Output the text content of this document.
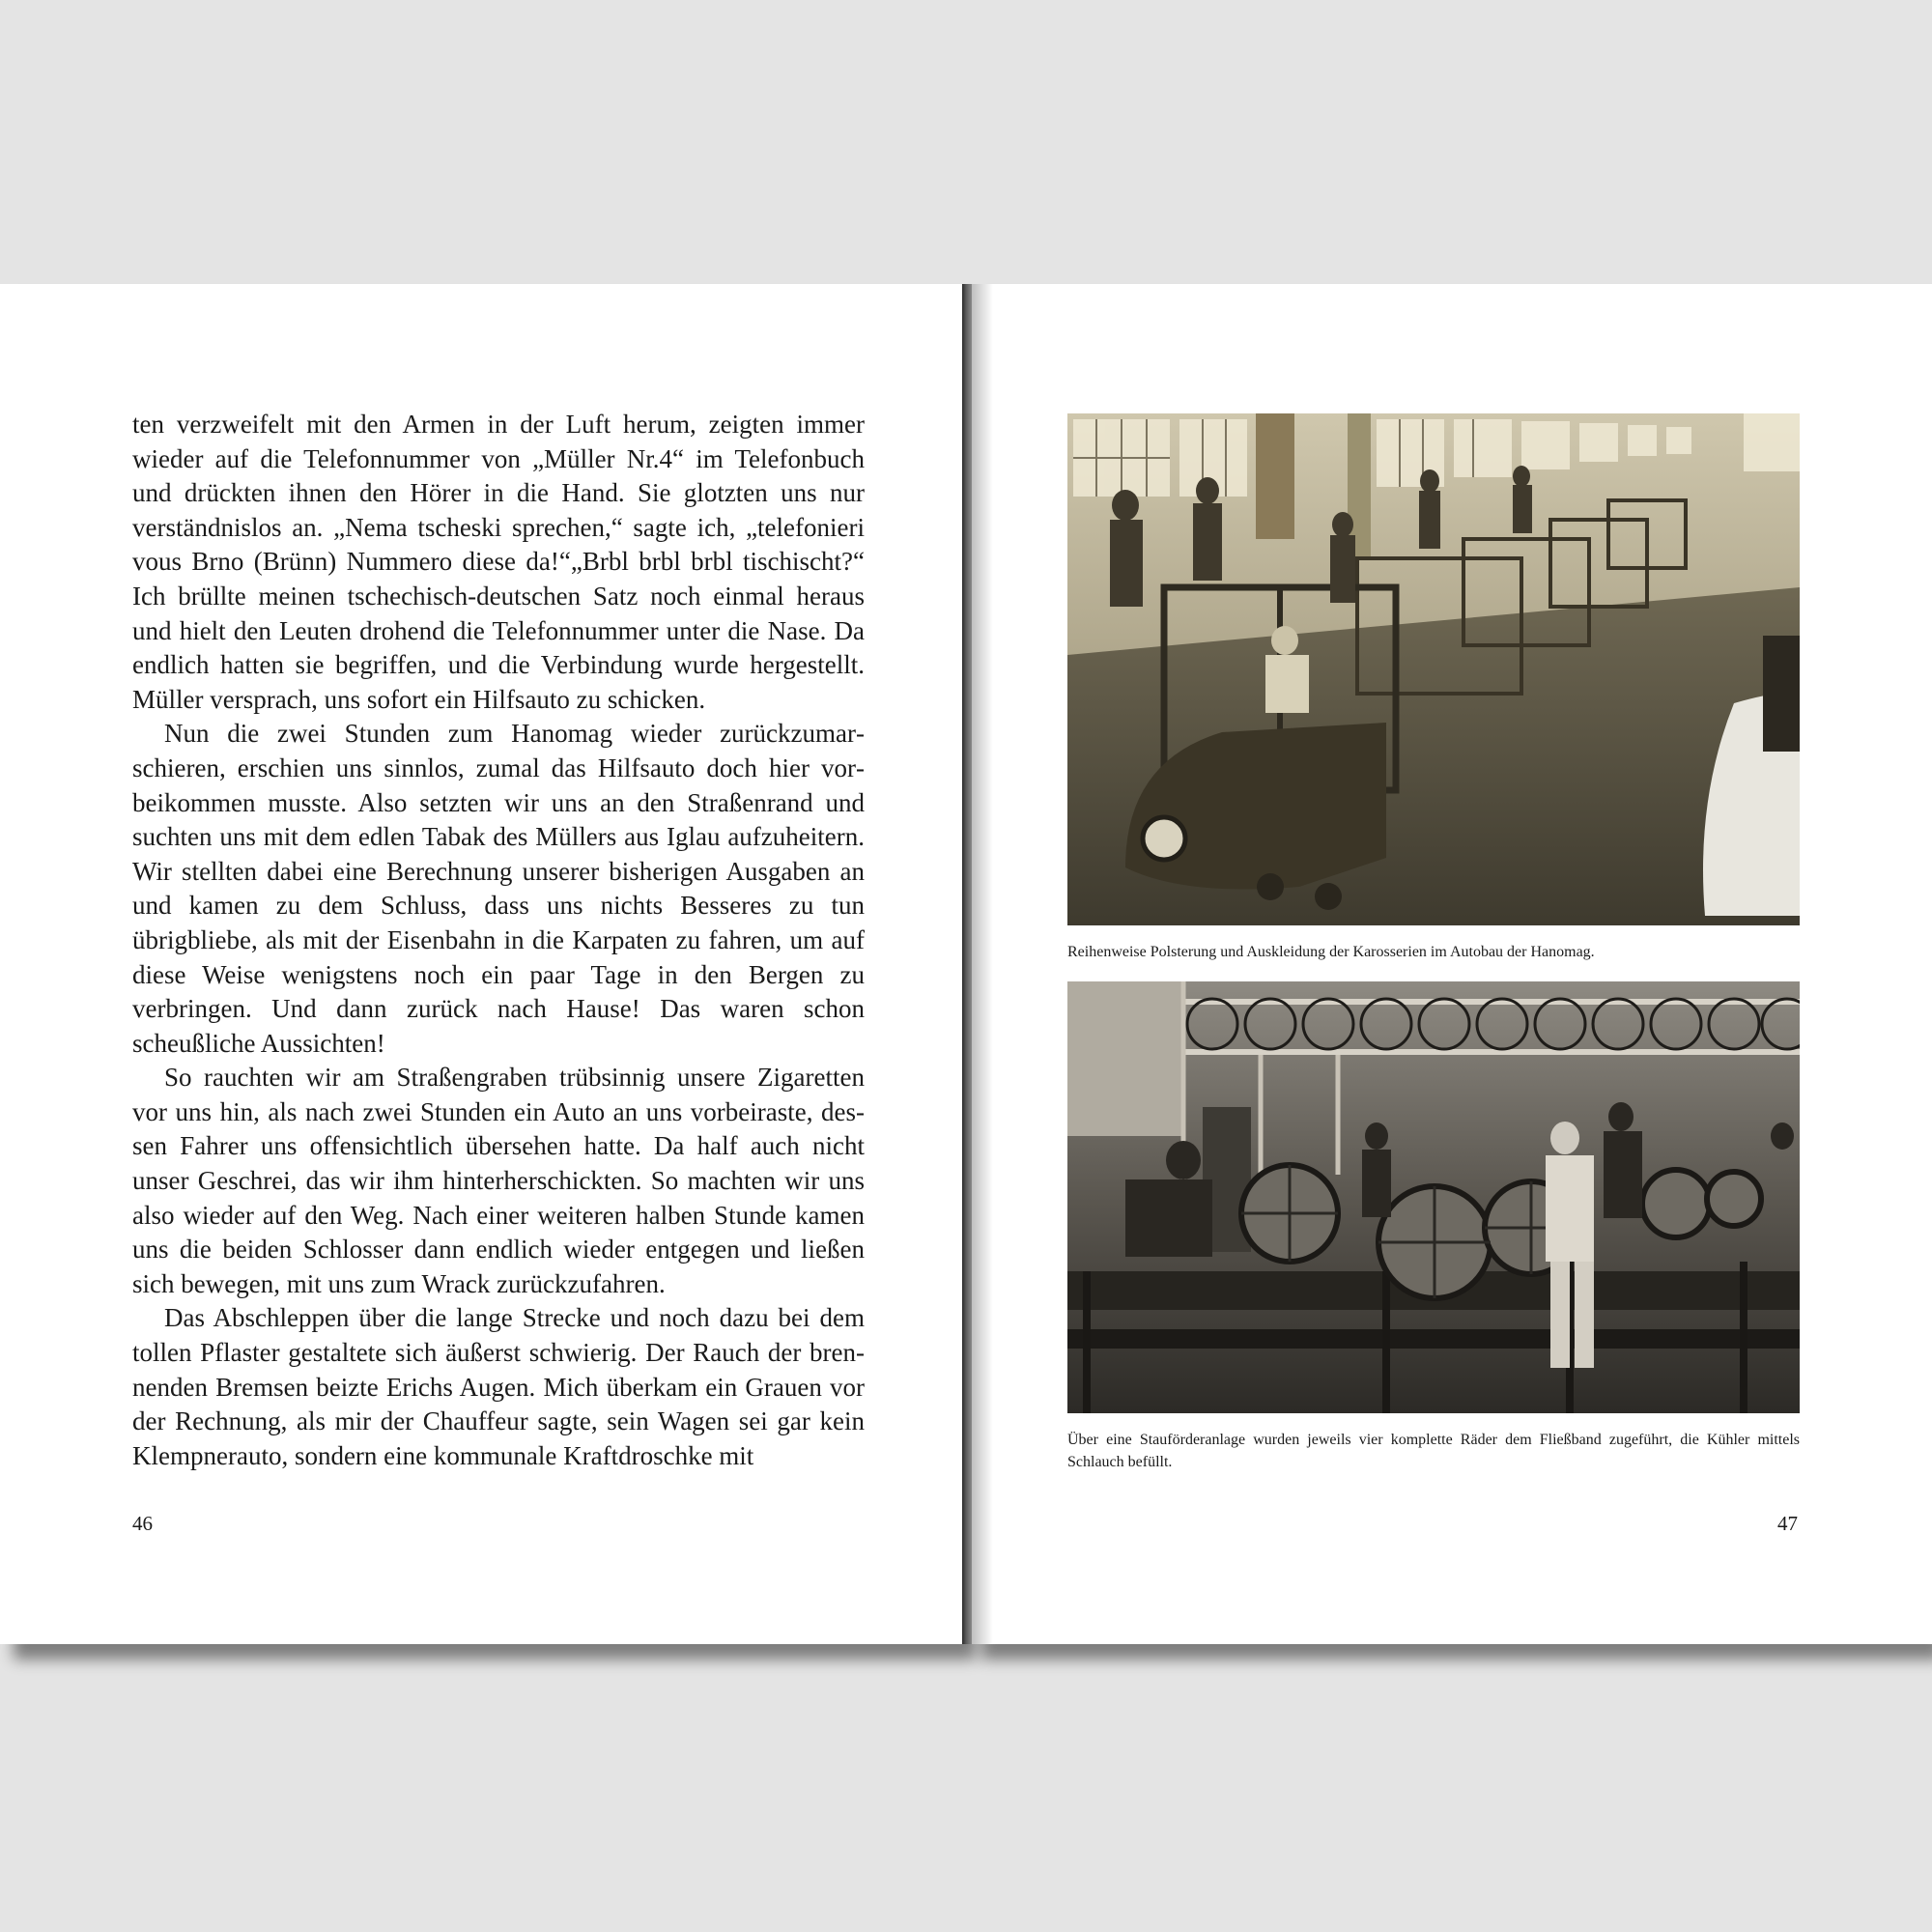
ten verzweifelt mit den Armen in der Luft herum, zeigten immer wieder auf die Telefonnummer von „Müller Nr.4“ im Telefonbuch und drückten ihnen den Hörer in die Hand. Sie glotzten uns nur verständnislos an. „Nema tscheski sprechen,“ sagte ich, „telefonieri vous Brno (Brünn) Nummero diese da!“„Brbl brbl brbl tischischt?“ Ich brüllte meinen tschechisch-deutschen Satz noch einmal heraus und hielt den Leuten drohend die Telefonnummer unter die Nase. Da endlich hatten sie begriffen, und die Verbindung wurde hergestellt. Müller versprach, uns sofort ein Hilfsauto zu schicken.

Nun die zwei Stunden zum Hanomag wieder zurückzumarschieren, erschien uns sinnlos, zumal das Hilfsauto doch hier vorbeikommen musste. Also setzten wir uns an den Straßenrand und suchten uns mit dem edlen Tabak des Müllers aus Iglau aufzuheitern. Wir stellten dabei eine Berechnung unserer bisherigen Ausgaben an und kamen zu dem Schluss, dass uns nichts Besseres zu tun übrigbliebe, als mit der Eisenbahn in die Karpaten zu fahren, um auf diese Weise wenigstens noch ein paar Tage in den Bergen zu verbringen. Und dann zurück nach Hause! Das waren schon scheußliche Aussichten!

So rauchten wir am Straßengraben trübsinnig unsere Zigaretten vor uns hin, als nach zwei Stunden ein Auto an uns vorbeiraste, dessen Fahrer uns offensichtlich übersehen hatte. Da half auch nicht unser Geschrei, das wir ihm hinterherschickten. So machten wir uns also wieder auf den Weg. Nach einer weiteren halben Stunde kamen uns die beiden Schlosser dann endlich wieder entgegen und ließen sich bewegen, mit uns zum Wrack zurückzufahren.

Das Abschleppen über die lange Strecke und noch dazu bei dem tollen Pflaster gestaltete sich äußerst schwierig. Der Rauch der brennenden Bremsen beizte Erichs Augen. Mich überkam ein Grauen vor der Rechnung, als mir der Chauffeur sagte, sein Wagen sei gar kein Klempnerauto, sondern eine kommunale Kraftdroschke mit

46
Reihenweise Polsterung und Auskleidung der Karosserien im Autobau der Hanomag.
Über eine Stauförderanlage wurden jeweils vier komplette Räder dem Fließband zugeführt, die Kühler mittels Schlauch befüllt.
47
